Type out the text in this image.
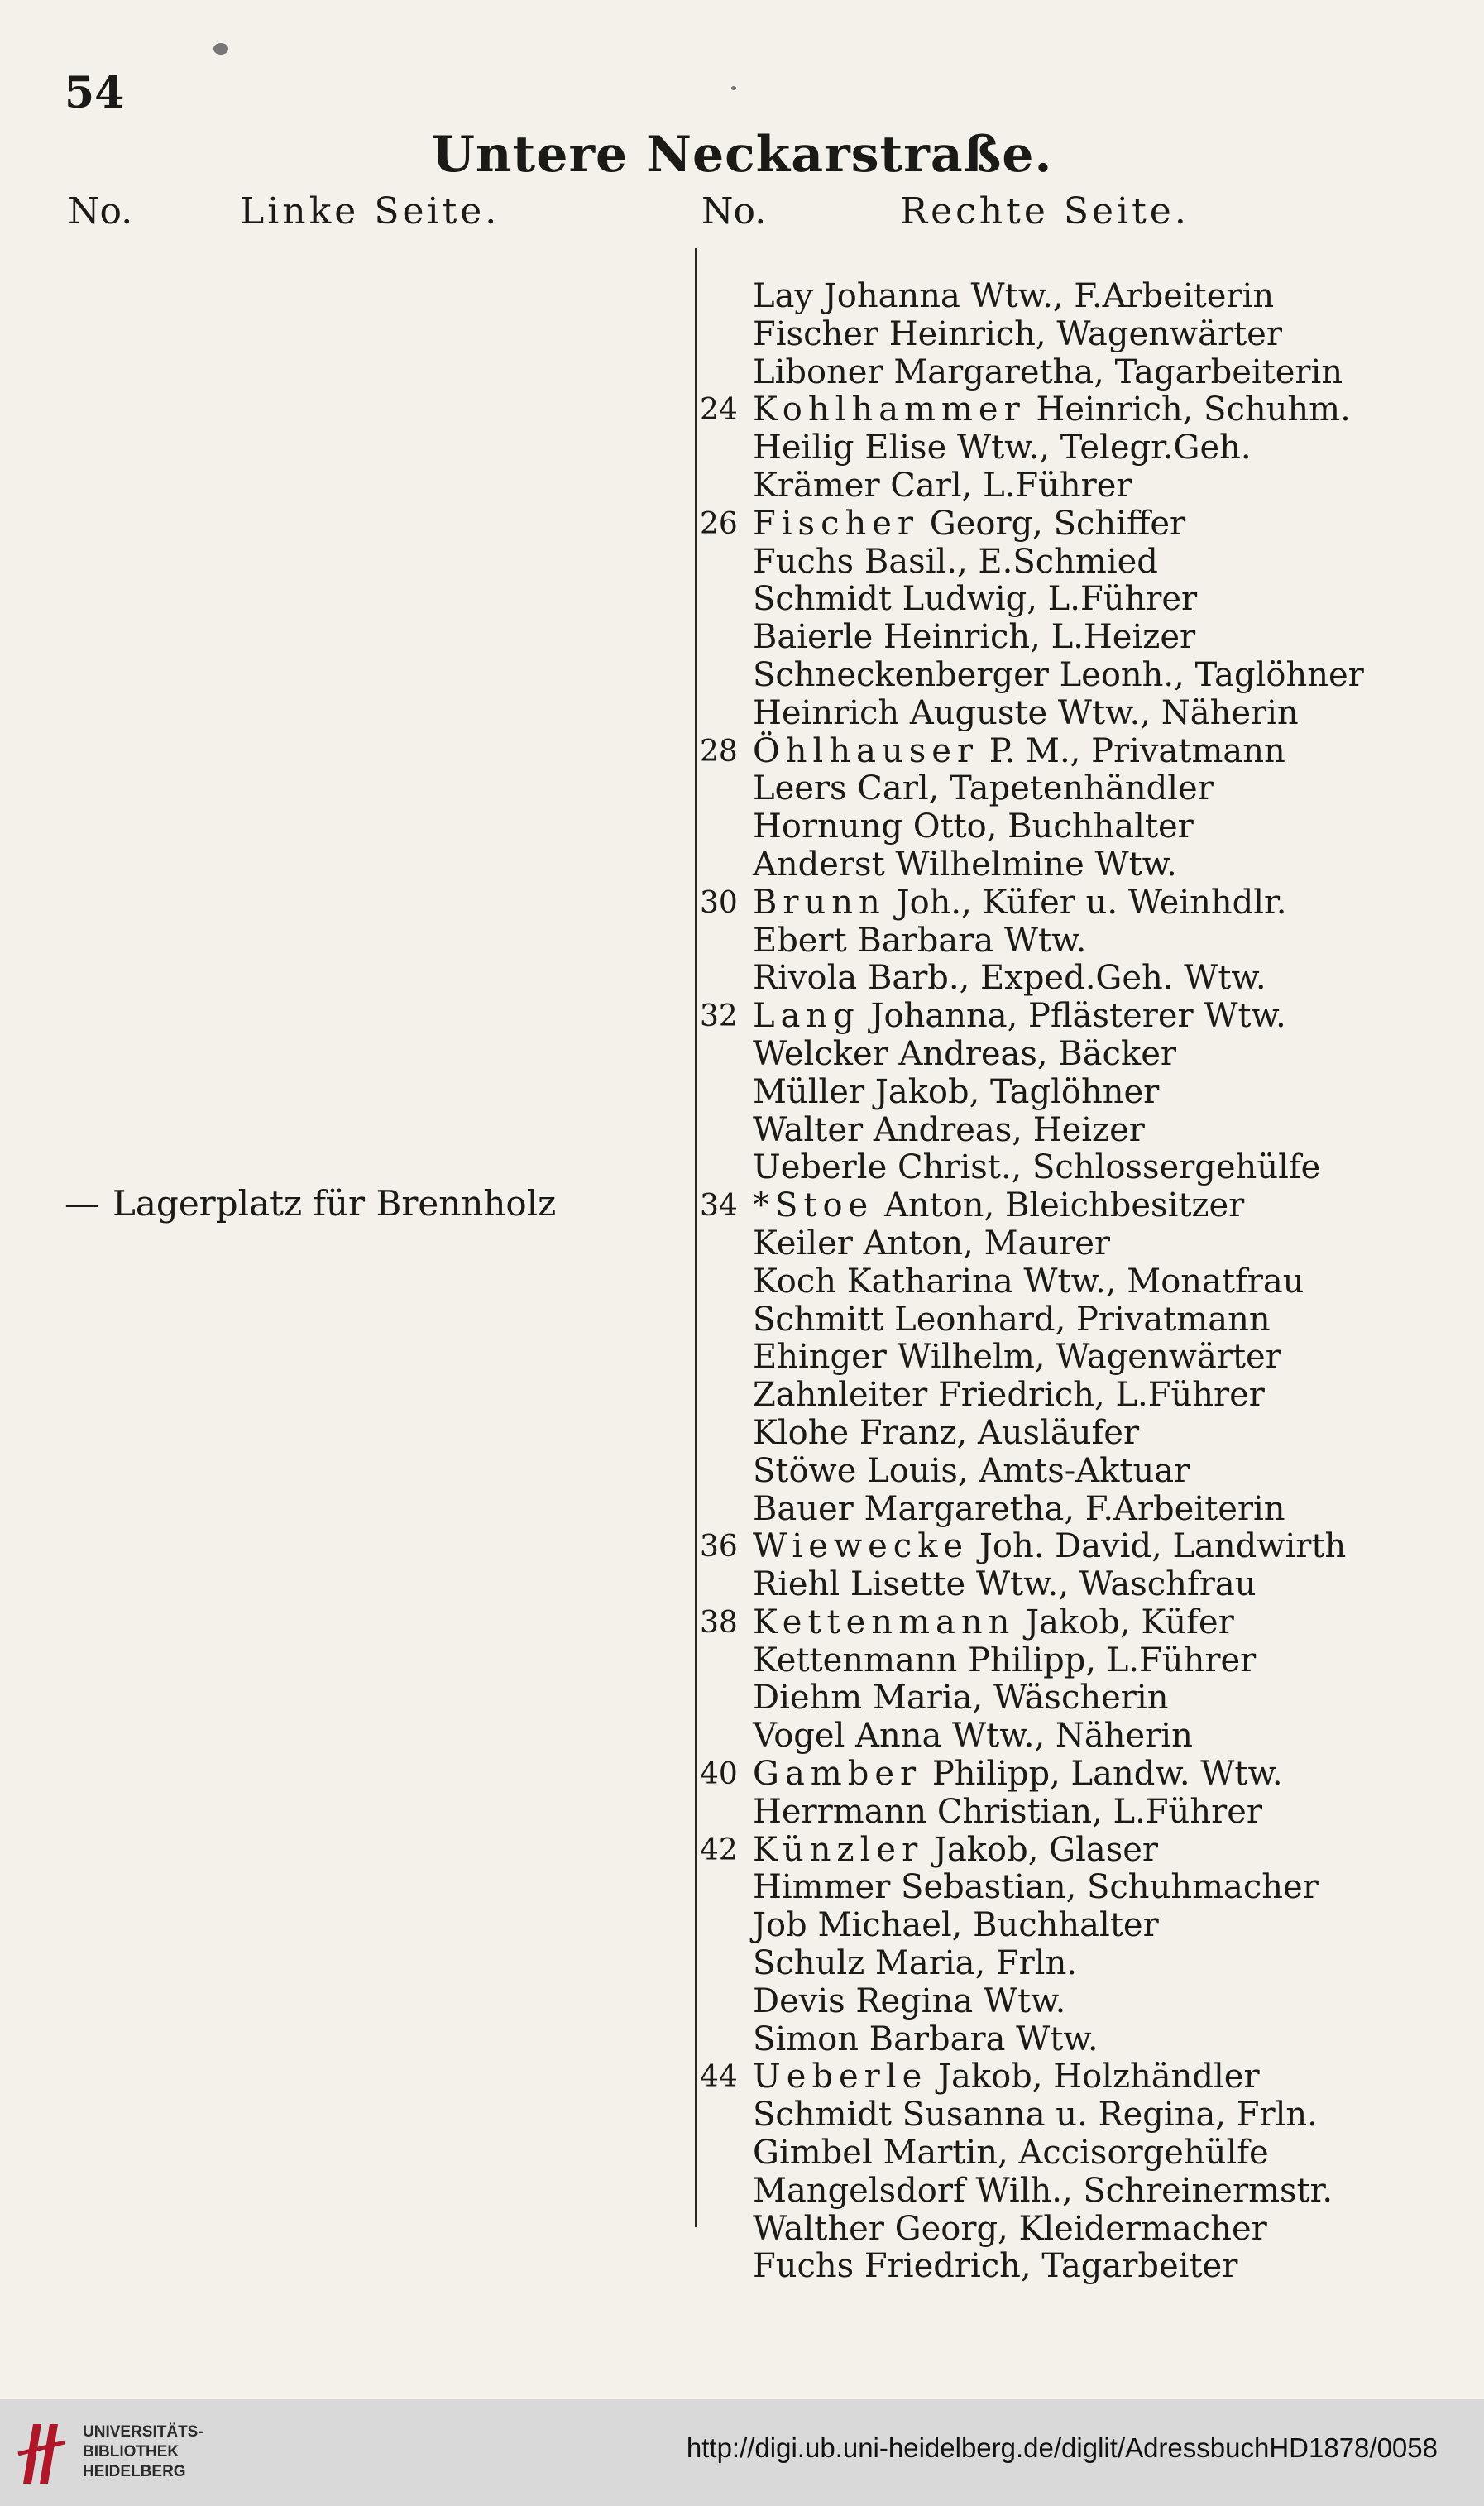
54
Untere Neckarstraße.
No.	Linke Seite.	No.	Rechte Seite.
— Lagerplatz für Brennholz
Lay Johanna Wtw., F.Arbeiterin
Fischer Heinrich, Wagenwärter
Liboner Margaretha, Tagarbeiterin
24 Kohlhammer Heinrich, Schuhm.
Heilig Elise Wtw., Telegr.Geh.
Krämer Carl, L.Führer
26 Fischer Georg, Schiffer
Fuchs Basil., E.Schmied
Schmidt Ludwig, L.Führer
Baierle Heinrich, L.Heizer
Schneckenberger Leonh., Taglöhner
Heinrich Auguste Wtw., Näherin
28 Öhlhauser P. M., Privatmann
Leers Carl, Tapetenhändler
Hornung Otto, Buchhalter
Anderst Wilhelmine Wtw.
30 Brunn Joh., Küfer u. Weinhdlr.
Ebert Barbara Wtw.
Rivola Barb., Exped.Geh. Wtw.
32 Lang Johanna, Pflästerer Wtw.
Welcker Andreas, Bäcker
Müller Jakob, Taglöhner
Walter Andreas, Heizer
Ueberle Christ., Schlossergehülfe
34 *Stoe Anton, Bleichbesitzer
Keiler Anton, Maurer
Koch Katharina Wtw., Monatfrau
Schmitt Leonhard, Privatmann
Ehinger Wilhelm, Wagenwärter
Zahnleiter Friedrich, L.Führer
Klohe Franz, Ausläufer
Stöwe Louis, Amts-Aktuar
Bauer Margaretha, F.Arbeiterin
36 Wiewecke Joh. David, Landwirth
Riehl Lisette Wtw., Waschfrau
38 Kettenmann Jakob, Küfer
Kettenmann Philipp, L.Führer
Diehm Maria, Wäscherin
Vogel Anna Wtw., Näherin
40 Gamber Philipp, Landw. Wtw.
Herrmann Christian, L.Führer
42 Künzler Jakob, Glaser
Himmer Sebastian, Schuhmacher
Job Michael, Buchhalter
Schulz Maria, Frln.
Devis Regina Wtw.
Simon Barbara Wtw.
44 Ueberle Jakob, Holzhändler
Schmidt Susanna u. Regina, Frln.
Gimbel Martin, Accisorgehülfe
Mangelsdorf Wilh., Schreinermstr.
Walther Georg, Kleidermacher
Fuchs Friedrich, Tagarbeiter
UNIVERSITÄTS-
BIBLIOTHEK
HEIDELBERG
http://digi.ub.uni-heidelberg.de/diglit/AdressbuchHD1878/0058
